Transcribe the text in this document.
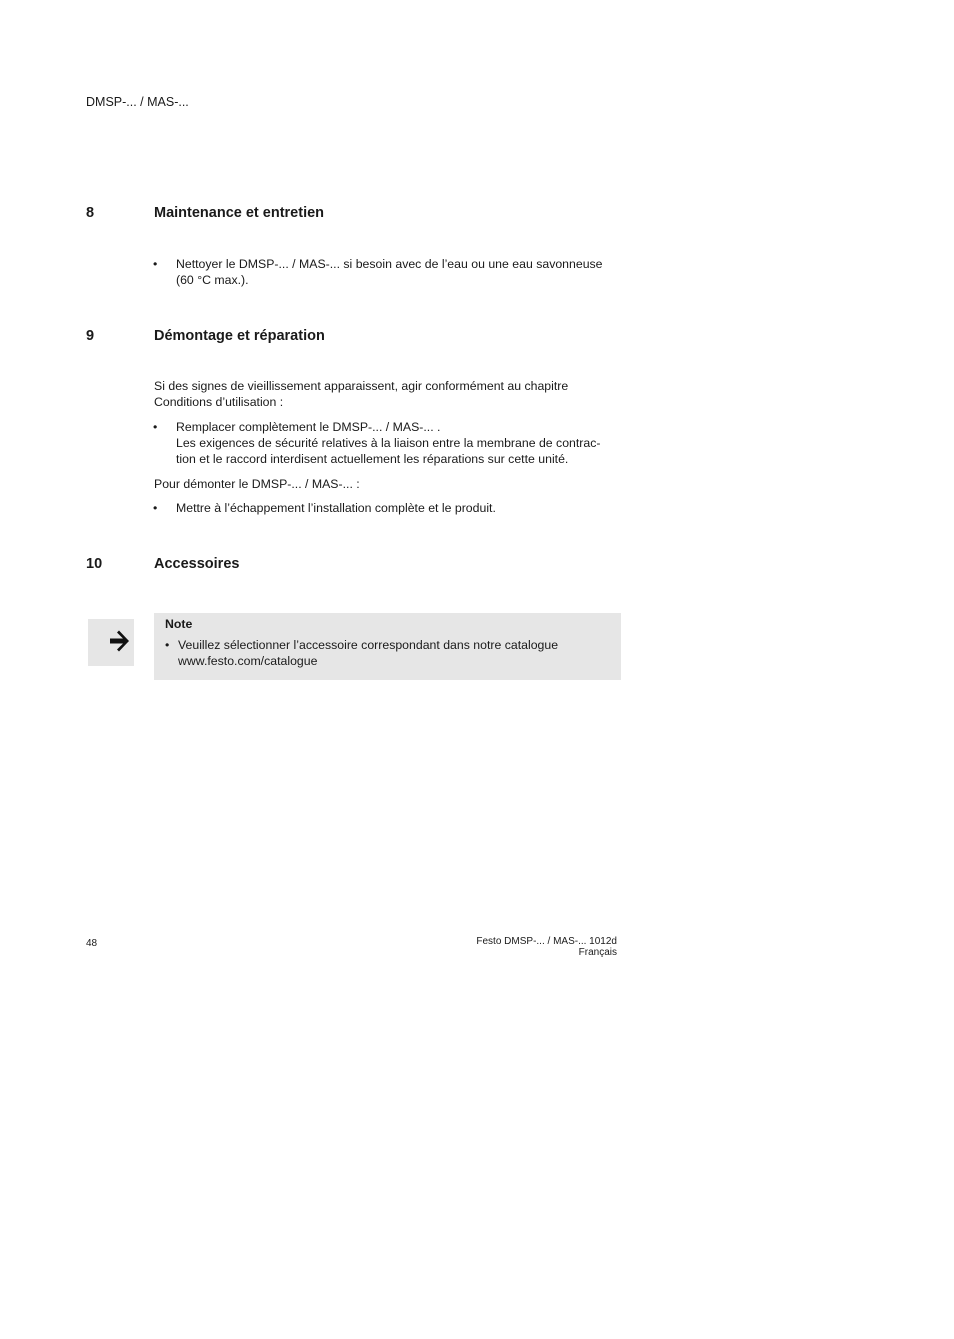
DMSP-... / MAS-...
8	Maintenance et entretien
• Nettoyer le DMSP-... / MAS-... si besoin avec de l’eau ou une eau savonneuse
(60 °C max.).
9	Démontage et réparation
Si des signes de vieillissement apparaissent, agir conformément au chapitre
Conditions d’utilisation :
• Remplacer complètement le DMSP-... / MAS-... .
Les exigences de sécurité relatives à la liaison entre la membrane de contrac-
tion et le raccord interdisent actuellement les réparations sur cette unité.
Pour démonter le DMSP-... / MAS-... :
• Mettre à l’échappement l’installation complète et le produit.
10	Accessoires
Note
• Veuillez sélectionner l’accessoire correspondant dans notre catalogue
www.festo.com/catalogue
48	Festo DMSP-... / MAS-... 1012d Français
